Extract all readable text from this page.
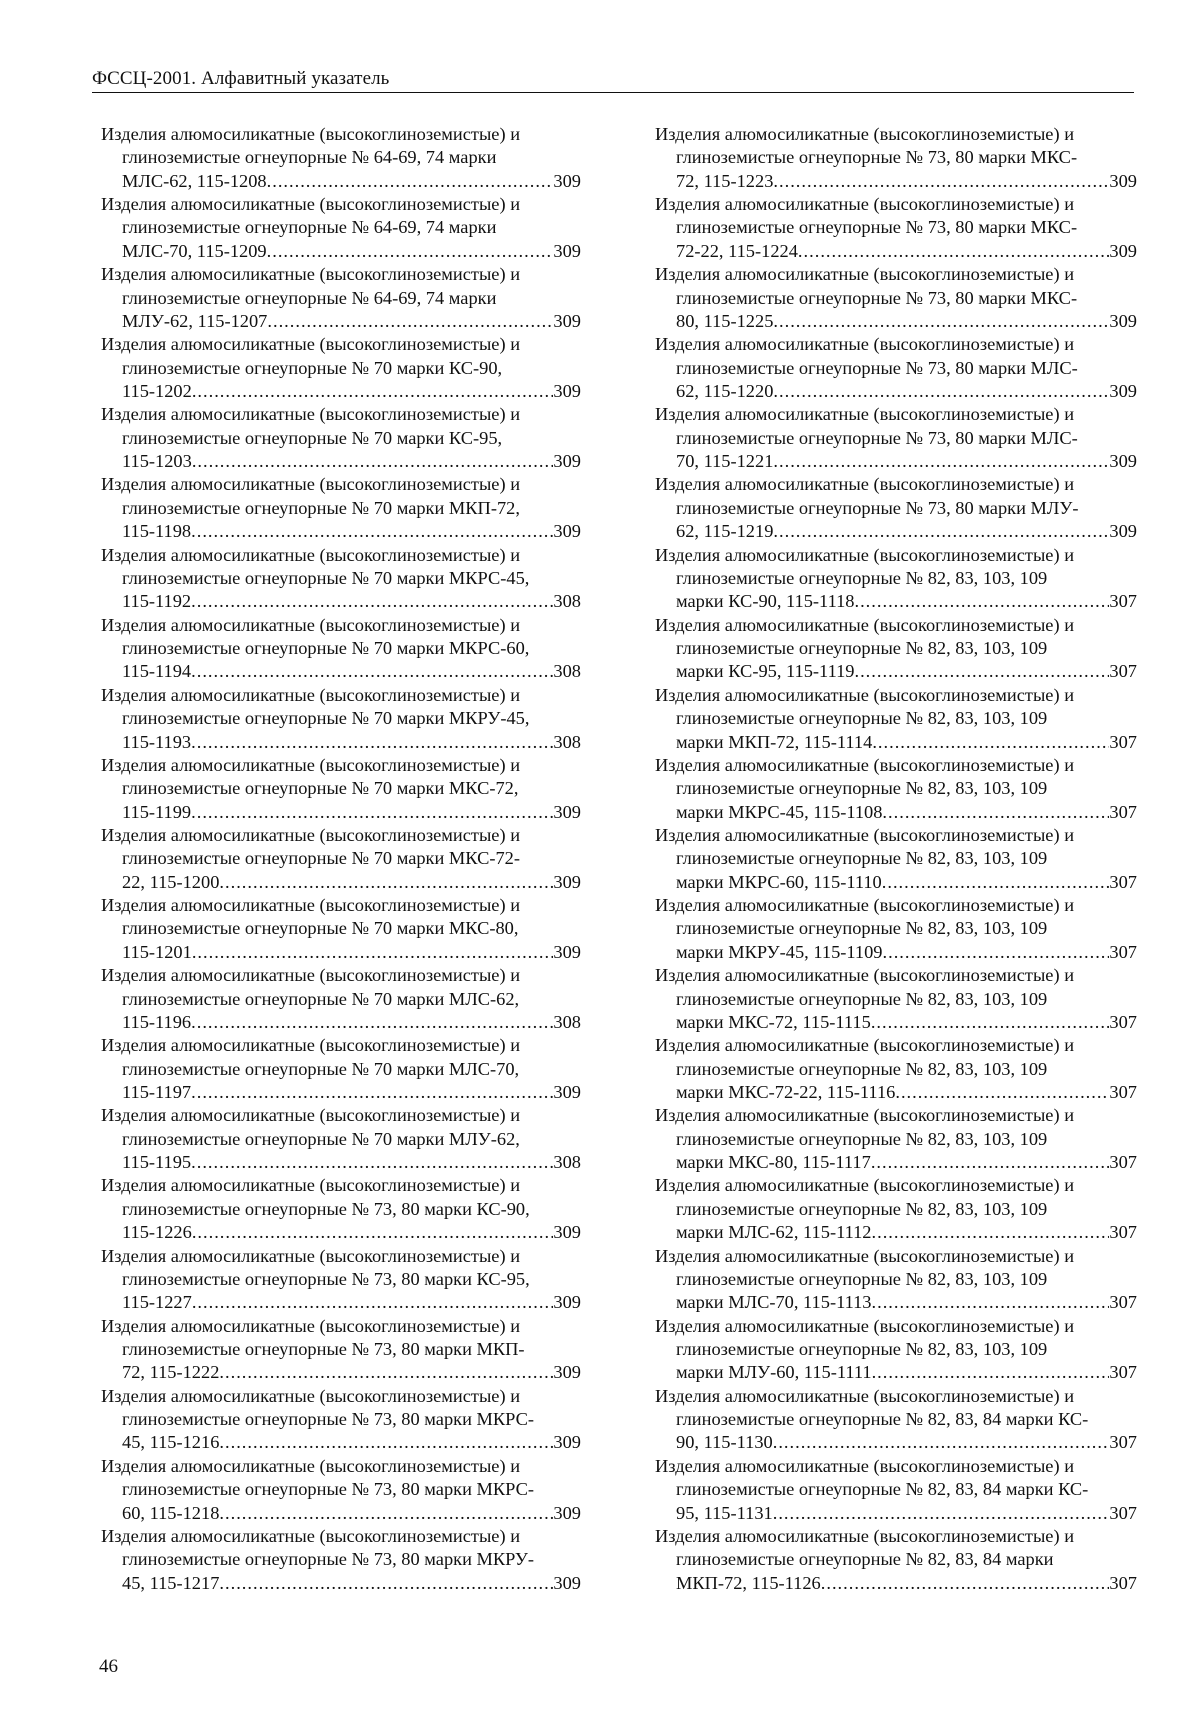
ФССЦ-2001. Алфавитный указатель
Изделия алюмосиликатные (высокоглиноземистые) и
глиноземистые огнеупорные № 64-69, 74 марки
МЛС-62, 115-1208 .....	309
Изделия алюмосиликатные (высокоглиноземистые) и
глиноземистые огнеупорные № 64-69, 74 марки
МЛС-70, 115-1209 .....	309
Изделия алюмосиликатные (высокоглиноземистые) и
глиноземистые огнеупорные № 64-69, 74 марки
МЛУ-62, 115-1207 .....	309
Изделия алюмосиликатные (высокоглиноземистые) и
глиноземистые огнеупорные № 70 марки КС-90,
115-1202 .....	309
Изделия алюмосиликатные (высокоглиноземистые) и
глиноземистые огнеупорные № 70 марки КС-95,
115-1203 .....	309
Изделия алюмосиликатные (высокоглиноземистые) и
глиноземистые огнеупорные № 70 марки МКП-72,
115-1198 .....	309
Изделия алюмосиликатные (высокоглиноземистые) и
глиноземистые огнеупорные № 70 марки МКРС-45,
115-1192 .....	308
Изделия алюмосиликатные (высокоглиноземистые) и
глиноземистые огнеупорные № 70 марки МКРС-60,
115-1194 .....	308
Изделия алюмосиликатные (высокоглиноземистые) и
глиноземистые огнеупорные № 70 марки МКРУ-45,
115-1193 .....	308
Изделия алюмосиликатные (высокоглиноземистые) и
глиноземистые огнеупорные № 70 марки МКС-72,
115-1199 .....	309
Изделия алюмосиликатные (высокоглиноземистые) и
глиноземистые огнеупорные № 70 марки МКС-72-
22, 115-1200 .....	309
Изделия алюмосиликатные (высокоглиноземистые) и
глиноземистые огнеупорные № 70 марки МКС-80,
115-1201 .....	309
Изделия алюмосиликатные (высокоглиноземистые) и
глиноземистые огнеупорные № 70 марки МЛС-62,
115-1196 .....	308
Изделия алюмосиликатные (высокоглиноземистые) и
глиноземистые огнеупорные № 70 марки МЛС-70,
115-1197 .....	309
Изделия алюмосиликатные (высокоглиноземистые) и
глиноземистые огнеупорные № 70 марки МЛУ-62,
115-1195 .....	308
Изделия алюмосиликатные (высокоглиноземистые) и
глиноземистые огнеупорные № 73, 80 марки КС-90,
115-1226 .....	309
Изделия алюмосиликатные (высокоглиноземистые) и
глиноземистые огнеупорные № 73, 80 марки КС-95,
115-1227 .....	309
Изделия алюмосиликатные (высокоглиноземистые) и
глиноземистые огнеупорные № 73, 80 марки МКП-
72, 115-1222 .....	309
Изделия алюмосиликатные (высокоглиноземистые) и
глиноземистые огнеупорные № 73, 80 марки МКРС-
45, 115-1216 .....	309
Изделия алюмосиликатные (высокоглиноземистые) и
глиноземистые огнеупорные № 73, 80 марки МКРС-
60, 115-1218 .....	309
Изделия алюмосиликатные (высокоглиноземистые) и
глиноземистые огнеупорные № 73, 80 марки МКРУ-
45, 115-1217 .....	309
Изделия алюмосиликатные (высокоглиноземистые) и
глиноземистые огнеупорные № 73, 80 марки МКС-
72, 115-1223 .....	309
Изделия алюмосиликатные (высокоглиноземистые) и
глиноземистые огнеупорные № 73, 80 марки МКС-
72-22, 115-1224 .....	309
Изделия алюмосиликатные (высокоглиноземистые) и
глиноземистые огнеупорные № 73, 80 марки МКС-
80, 115-1225 .....	309
Изделия алюмосиликатные (высокоглиноземистые) и
глиноземистые огнеупорные № 73, 80 марки МЛС-
62, 115-1220 .....	309
Изделия алюмосиликатные (высокоглиноземистые) и
глиноземистые огнеупорные № 73, 80 марки МЛС-
70, 115-1221 .....	309
Изделия алюмосиликатные (высокоглиноземистые) и
глиноземистые огнеупорные № 73, 80 марки МЛУ-
62, 115-1219 .....	309
Изделия алюмосиликатные (высокоглиноземистые) и
глиноземистые огнеупорные № 82, 83, 103, 109
марки КС-90, 115-1118 .....	307
Изделия алюмосиликатные (высокоглиноземистые) и
глиноземистые огнеупорные № 82, 83, 103, 109
марки КС-95, 115-1119 .....	307
Изделия алюмосиликатные (высокоглиноземистые) и
глиноземистые огнеупорные № 82, 83, 103, 109
марки МКП-72, 115-1114 .....	307
Изделия алюмосиликатные (высокоглиноземистые) и
глиноземистые огнеупорные № 82, 83, 103, 109
марки МКРС-45, 115-1108 .....	307
Изделия алюмосиликатные (высокоглиноземистые) и
глиноземистые огнеупорные № 82, 83, 103, 109
марки МКРС-60, 115-1110 .....	307
Изделия алюмосиликатные (высокоглиноземистые) и
глиноземистые огнеупорные № 82, 83, 103, 109
марки МКРУ-45, 115-1109 .....	307
Изделия алюмосиликатные (высокоглиноземистые) и
глиноземистые огнеупорные № 82, 83, 103, 109
марки МКС-72, 115-1115 .....	307
Изделия алюмосиликатные (высокоглиноземистые) и
глиноземистые огнеупорные № 82, 83, 103, 109
марки МКС-72-22, 115-1116 .....	307
Изделия алюмосиликатные (высокоглиноземистые) и
глиноземистые огнеупорные № 82, 83, 103, 109
марки МКС-80, 115-1117 .....	307
Изделия алюмосиликатные (высокоглиноземистые) и
глиноземистые огнеупорные № 82, 83, 103, 109
марки МЛС-62, 115-1112 .....	307
Изделия алюмосиликатные (высокоглиноземистые) и
глиноземистые огнеупорные № 82, 83, 103, 109
марки МЛС-70, 115-1113 .....	307
Изделия алюмосиликатные (высокоглиноземистые) и
глиноземистые огнеупорные № 82, 83, 103, 109
марки МЛУ-60, 115-1111 .....	307
Изделия алюмосиликатные (высокоглиноземистые) и
глиноземистые огнеупорные № 82, 83, 84 марки КС-
90, 115-1130 .....	307
Изделия алюмосиликатные (высокоглиноземистые) и
глиноземистые огнеупорные № 82, 83, 84 марки КС-
95, 115-1131 .....	307
Изделия алюмосиликатные (высокоглиноземистые) и
глиноземистые огнеупорные № 82, 83, 84 марки
МКП-72, 115-1126 .....	307
46
